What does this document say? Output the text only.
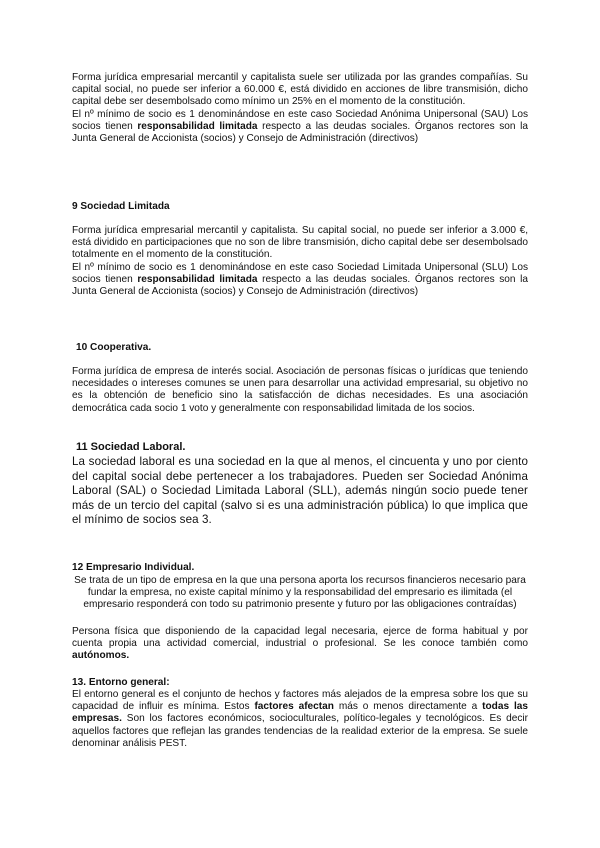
Forma jurídica empresarial mercantil y capitalista suele ser utilizada por las grandes compañías. Su capital social, no puede ser inferior a 60.000 €, está dividido en acciones de libre transmisión, dicho capital debe ser desembolsado como mínimo un 25% en el momento de la constitución.

El nº mínimo de socio es 1 denominándose en este caso Sociedad Anónima Unipersonal (SAU) Los socios tienen responsabilidad limitada respecto a las deudas sociales. Órganos rectores son la Junta General de Accionista (socios) y Consejo de Administración (directivos)

9 Sociedad Limitada

Forma jurídica empresarial mercantil y capitalista. Su capital social, no puede ser inferior a 3.000 €, está dividido en participaciones que no son de libre transmisión, dicho capital debe ser desembolsado totalmente en el momento de la constitución.

El nº mínimo de socio es 1 denominándose en este caso Sociedad Limitada Unipersonal (SLU) Los socios tienen responsabilidad limitada respecto a las deudas sociales. Órganos rectores son la Junta General de Accionista (socios) y Consejo de Administración (directivos)

10 Cooperativa.

Forma jurídica de empresa de interés social. Asociación de personas físicas o jurídicas que teniendo necesidades o intereses comunes se unen para desarrollar una actividad empresarial, su objetivo no es la obtención de beneficio sino la satisfacción de dichas necesidades. Es una asociación democrática cada socio 1 voto y generalmente con responsabilidad limitada de los socios.

11 Sociedad Laboral.

La sociedad laboral es una sociedad en la que al menos, el cincuenta y uno por ciento del capital social debe pertenecer a los trabajadores. Pueden ser Sociedad Anónima Laboral (SAL) o Sociedad Limitada Laboral (SLL), además ningún socio puede tener más de un tercio del capital (salvo si es una administración pública) lo que implica que el mínimo de socios sea 3.

12 Empresario Individual.

Se trata de un tipo de empresa en la que una persona aporta los recursos financieros necesario para fundar la empresa, no existe capital mínimo y la responsabilidad del empresario es ilimitada (el empresario responderá con todo su patrimonio presente y futuro por las obligaciones contraídas)

Persona física que disponiendo de la capacidad legal necesaria, ejerce de forma habitual y por cuenta propia una actividad comercial, industrial o profesional. Se les conoce también como autónomos.

13. Entorno general:

El entorno general es el conjunto de hechos y factores más alejados de la empresa sobre los que su capacidad de influir es mínima. Estos factores afectan más o menos directamente a todas las empresas. Son los factores económicos, socioculturales, político-legales y tecnológicos. Es decir aquellos factores que reflejan las grandes tendencias de la realidad exterior de la empresa. Se suele denominar análisis PEST.
